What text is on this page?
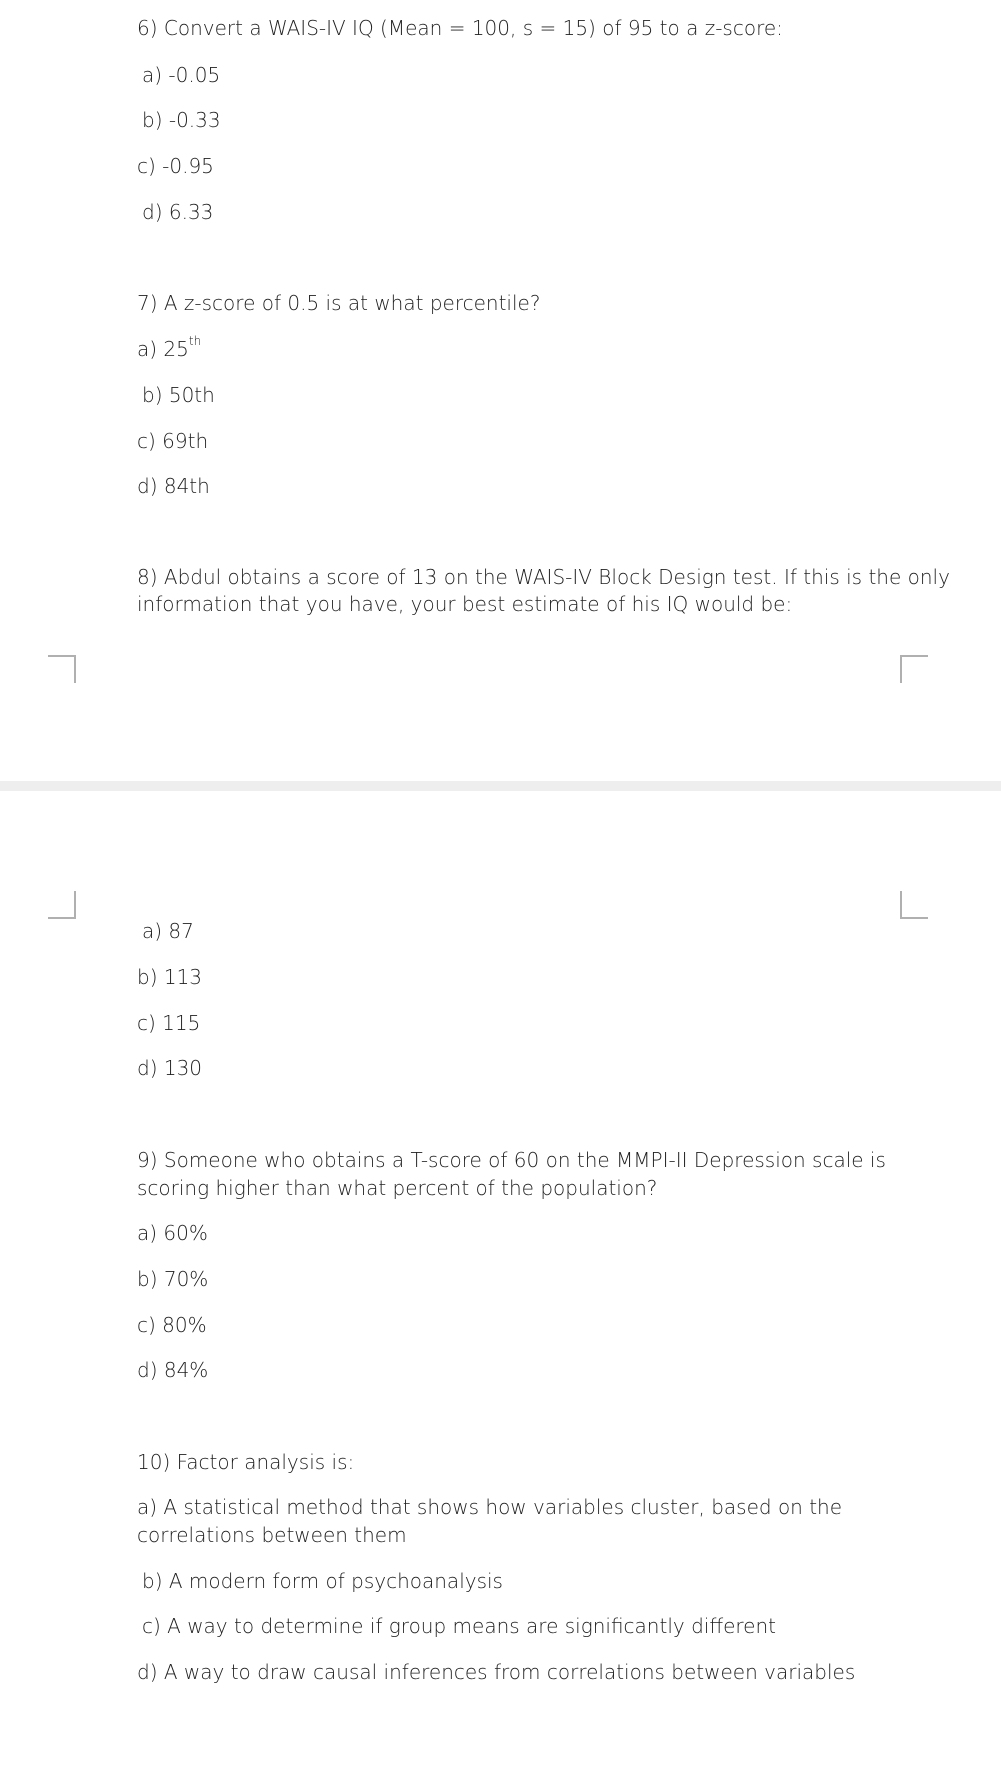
6) Convert a WAIS-IV IQ (Mean = 100, s = 15) of 95 to a z-score:
a) -0.05
b) -0.33
c) -0.95
d) 6.33
7) A z-score of 0.5 is at what percentile?
a) 25th
b) 50th
c) 69th
d) 84th
8) Abdul obtains a score of 13 on the WAIS-IV Block Design test. If this is the only
information that you have, your best estimate of his IQ would be:
a) 87
b) 113
c) 115
d) 130
9) Someone who obtains a T-score of 60 on the MMPI-II Depression scale is
scoring higher than what percent of the population?
a) 60%
b) 70%
c) 80%
d) 84%
10) Factor analysis is:
a) A statistical method that shows how variables cluster, based on the
correlations between them
b) A modern form of psychoanalysis
c) A way to determine if group means are significantly different
d) A way to draw causal inferences from correlations between variables
